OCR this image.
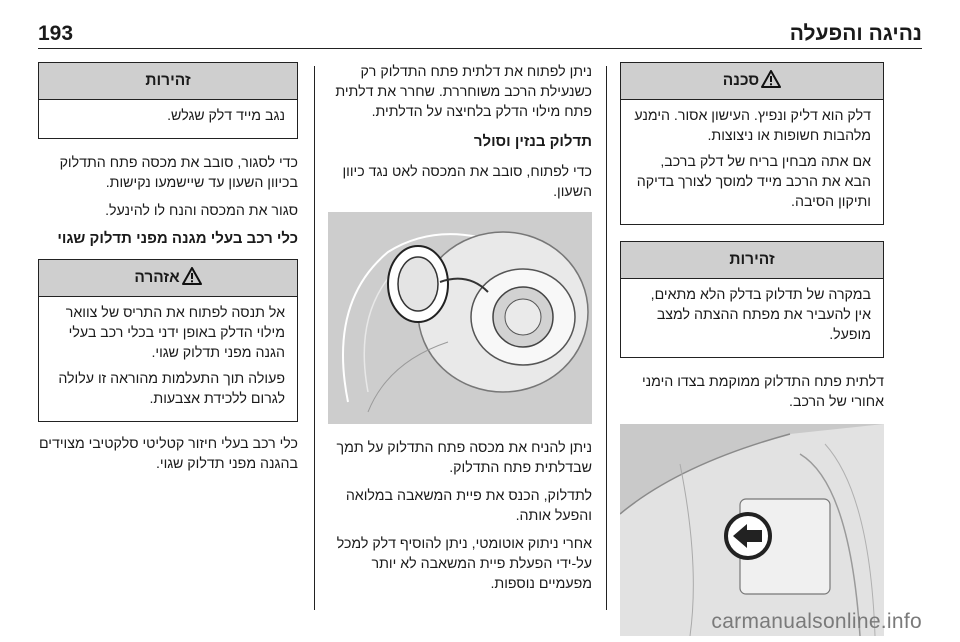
נהיגה והפעלה
193
סכנה

דלק הוא דליק ונפיץ. העישון אסור. הימנע מלהבות חשופות או ניצוצות.

אם אתה מבחין בריח של דלק ברכב, הבא את הרכב מייד למוסך לצורך בדיקה ותיקון הסיבה.

זהירות

במקרה של תדלוק בדלק הלא מתאים, אין להעביר את מפתח ההצתה למצב מופעל.

דלתית פתח התדלוק ממוקמת בצדו הימני אחורי של הרכב.

ניתן לפתוח את דלתית פתח התדלוק רק כשנעילת הרכב משוחררת. שחרר את דלתית פתח מילוי הדלק בלחיצה על הדלתית.

תדלוק בנזין וסולר

כדי לפתוח, סובב את המכסה לאט נגד כיוון השעון.

ניתן להניח את מכסה פתח התדלוק על תמך שבדלתית פתח התדלוק.

לתדלוק, הכנס את פיית המשאבה במלואה והפעל אותה.

אחרי ניתוק אוטומטי, ניתן להוסיף דלק למכל על-ידי הפעלת פיית המשאבה לא יותר מפעמיים נוספות.

זהירות

נגב מייד דלק שגלש.

כדי לסגור, סובב את מכסה פתח התדלוק בכיוון השעון עד שיישמעו נקישות.

סגור את המכסה והנח לו להינעל.

כלי רכב בעלי מגנה מפני תדלוק שגוי
אזהרה

אל תנסה לפתוח את התריס של צוואר מילוי הדלק באופן ידני בכלי רכב בעלי הגנה מפני תדלוק שגוי.

פעולה תוך התעלמות מהוראה זו עלולה לגרום ללכידת אצבעות.

כלי רכב בעלי חיזור קטליטי סלקטיבי מצוידים בהגנה מפני תדלוק שגוי.

carmanualsonline.info
